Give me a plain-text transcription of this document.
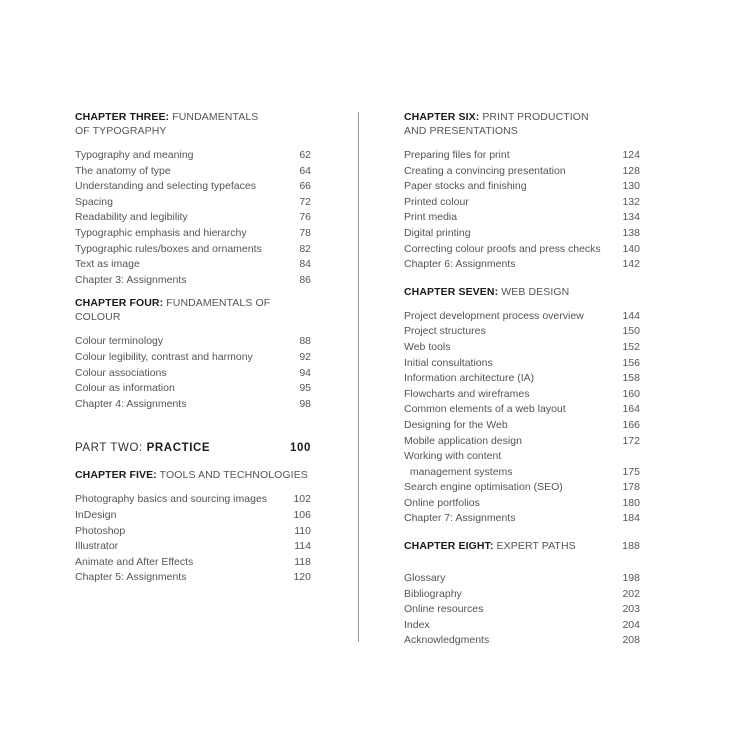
CHAPTER THREE: FUNDAMENTALS OF TYPOGRAPHY
Typography and meaning	62
The anatomy of type	64
Understanding and selecting typefaces	66
Spacing	72
Readability and legibility	76
Typographic emphasis and hierarchy	78
Typographic rules/boxes and ornaments	82
Text as image	84
Chapter 3: Assignments	86
CHAPTER FOUR: FUNDAMENTALS OF COLOUR
Colour terminology	88
Colour legibility, contrast and harmony	92
Colour associations	94
Colour as information	95
Chapter 4: Assignments	98
PART TWO: PRACTICE	100
CHAPTER FIVE: TOOLS AND TECHNOLOGIES
Photography basics and sourcing images	102
InDesign	106
Photoshop	110
Illustrator	114
Animate and After Effects	118
Chapter 5: Assignments	120
CHAPTER SIX: PRINT PRODUCTION AND PRESENTATIONS
Preparing files for print	124
Creating a convincing presentation	128
Paper stocks and finishing	130
Printed colour	132
Print media	134
Digital printing	138
Correcting colour proofs and press checks 140
Chapter 6: Assignments	142
CHAPTER SEVEN: WEB DESIGN
Project development process overview	144
Project structures	150
Web tools	152
Initial consultations	156
Information architecture (IA)	158
Flowcharts and wireframes	160
Common elements of a web layout	164
Designing for the Web	166
Mobile application design	172
Working with content
management systems	175
Search engine optimisation (SEO)	178
Online portfolios	180
Chapter 7: Assignments	184
CHAPTER EIGHT: EXPERT PATHS	188
Glossary	198
Bibliography	202
Online resources	203
Index	204
Acknowledgments	208
